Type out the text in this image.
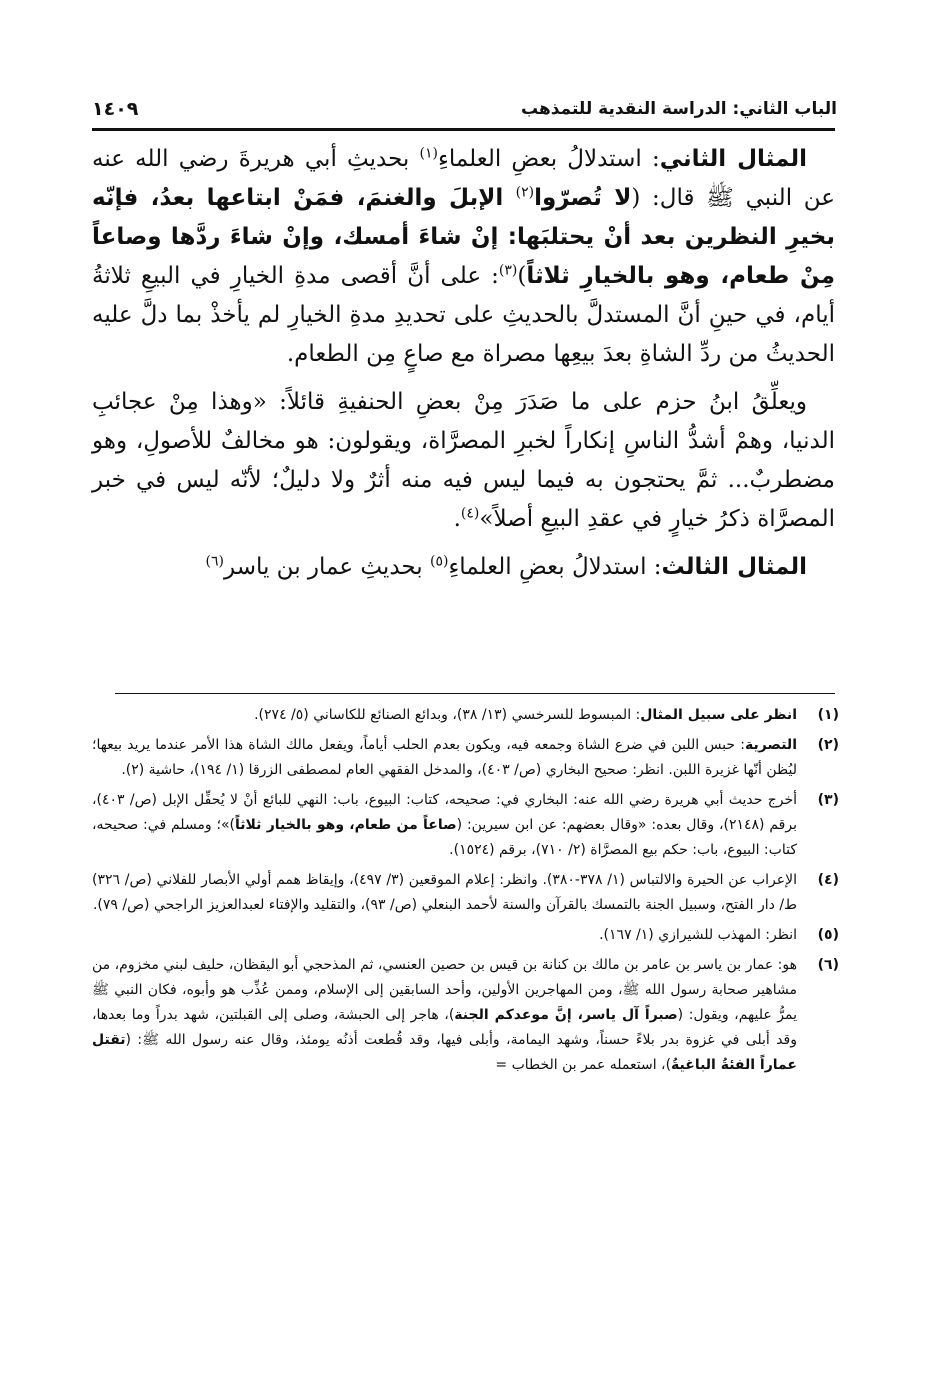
الباب الثاني: الدراسة النقدية للتمذهب
١٤٠٩

المثال الثاني: استدلالُ بعضِ العلماءِ$^{(١)}$ بحديثِ أبي هريرةَ رضي الله عنه عن النبي ﷺ قال: (لا تُصرّوا$^{(٢)}$ الإبلَ والغنمَ، فمَنْ ابتاعها بعدُ، فإنّه بخيرِ النظرين بعد أنْ يحتلبَها: إنْ شاءَ أمسك، وإنْ شاءَ ردَّها وصاعاً مِنْ طعام، وهو بالخيارِ ثلاثاً)$^{(٣)}$: على أنَّ أقصى مدةِ الخيارِ في البيعِ ثلاثةُ أيام، في حينِ أنَّ المستدلَّ بالحديثِ على تحديدِ مدةِ الخيارِ لم يأخذْ بما دلَّ عليه الحديثُ من ردِّ الشاةِ بعدَ بيعِها مصراة مع صاعٍ مِن الطعام.

ويعلِّقُ ابنُ حزم على ما صَدَرَ مِنْ بعضِ الحنفيةِ قائلاً: «وهذا مِنْ عجائبِ الدنيا، وهمْ أشدُّ الناسِ إنكاراً لخبرِ المصرَّاة، ويقولون: هو مخالفٌ للأصولِ، وهو مضطربٌ... ثمَّ يحتجون به فيما ليس فيه منه أثرٌ ولا دليلٌ؛ لأنّه ليس في خبر المصرَّاة ذكرُ خيارٍ في عقدِ البيعِ أصلاً»$^{(٤)}$.

المثال الثالث: استدلالُ بعضِ العلماءِ$^{(٥)}$ بحديثِ عمار بن ياسر$^{(٦)}$

(١)
انظر على سبيل المثال: المبسوط للسرخسي (١٣/ ٣٨)، وبدائع الصنائع للكاساني (٥/ ٢٧٤).
(٢)
التصرية: حبس اللبن في ضرع الشاة وجمعه فيه، ويكون بعدم الحلب أياماً، ويفعل مالك الشاة هذا الأمر عندما يريد بيعها؛ ليُظن أنّها غزيرة اللبن. انظر: صحيح البخاري (ص/ ٤٠٣)، والمدخل الفقهي العام لمصطفى الزرقا (١/ ١٩٤)، حاشية (٢).
(٣)
أخرج حديث أبي هريرة رضي الله عنه: البخاري في: صحيحه، كتاب: البيوع، باب: النهي للبائع أنْ لا يُحفِّل الإبل (ص/ ٤٠٣)، برقم (٢١٤٨)، وقال بعده: «وقال بعضهم: عن ابن سيرين: (صاعاً من طعام، وهو بالخيار ثلاثاً)»؛ ومسلم في: صحيحه، كتاب: البيوع، باب: حكم بيع المصرَّاة (٢/ ٧١٠)، برقم (١٥٢٤).
(٤)
الإعراب عن الحيرة والالتباس (١/ ٣٧٨-٣٨٠). وانظر: إعلام الموقعين (٣/ ٤٩٧)، وإيقاظ همم أولي الأبصار للفلاني (ص/ ٣٢٦) ط/ دار الفتح، وسبيل الجنة بالتمسك بالقرآن والسنة لأحمد البنعلي (ص/ ٩٣)، والتقليد والإفتاء لعبدالعزيز الراجحي (ص/ ٧٩).
(٥)
انظر: المهذب للشيرازي (١/ ١٦٧).
(٦)
هو: عمار بن ياسر بن عامر بن مالك بن كنانة بن قيس بن حصين العنسي، ثم المذحجي أبو اليقظان، حليف لبني مخزوم، من مشاهير صحابة رسول الله ﷺ، ومن المهاجرين الأولين، وأحد السابقين إلى الإسلام، وممن عُذِّب هو وأبوه، فكان النبي ﷺ يمرُّ عليهم، ويقول: (صبراً آل ياسر، إنَّ موعدكم الجنة)، هاجر إلى الحبشة، وصلى إلى القبلتين، شهد بدراً وما بعدها، وقد أبلى في غزوة بدر بلاءً حسناً، وشهد اليمامة، وأبلى فيها، وقد قُطعت أذنُه يومئذ، وقال عنه رسول الله ﷺ: (تقتل عماراً الفئةُ الباغيةُ)، استعمله عمر بن الخطاب =
